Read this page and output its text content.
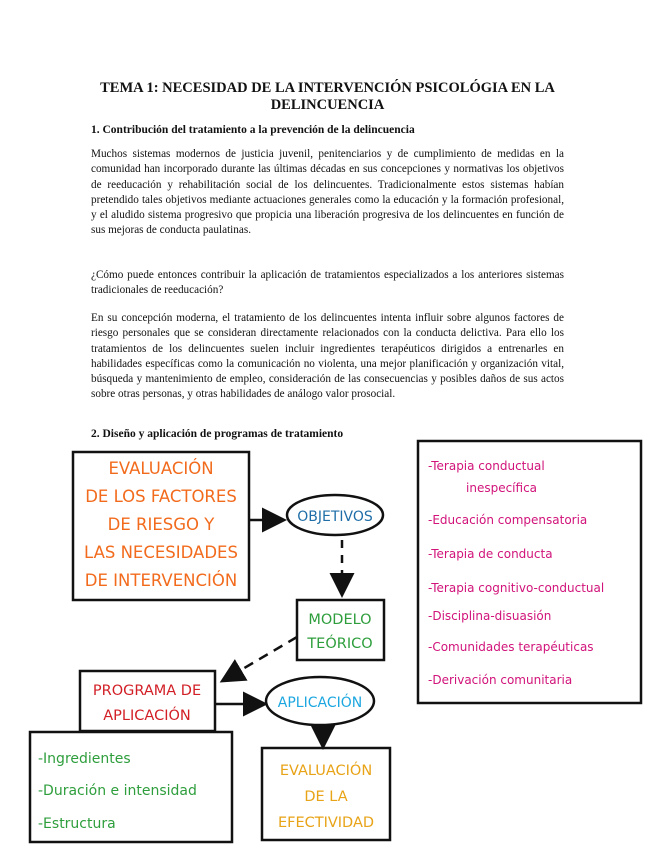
TEMA 1: NECESIDAD DE LA INTERVENCIÓN PSICOLÓGIA EN LA DELINCUENCIA
1. Contribución del tratamiento a la prevención de la delincuencia

Muchos sistemas modernos de justicia juvenil, penitenciarios y de cumplimiento de medidas en la comunidad han incorporado durante las últimas décadas en sus concepciones y normativas los objetivos de reeducación y rehabilitación social de los delincuentes. Tradicionalmente estos sistemas habían pretendido tales objetivos mediante actuaciones generales como la educación y la formación profesional, y el aludido sistema progresivo que propicia una liberación progresiva de los delincuentes en función de sus mejoras de conducta paulatinas.

¿Cómo puede entonces contribuir la aplicación de tratamientos especializados a los anteriores sistemas tradicionales de reeducación?

En su concepción moderna, el tratamiento de los delincuentes intenta influir sobre algunos factores de riesgo personales que se consideran directamente relacionados con la conducta delictiva. Para ello los tratamientos de los delincuentes suelen incluir ingredientes terapéuticos dirigidos a entrenarles en habilidades específicas como la comunicación no violenta, una mejor planificación y organización vital, búsqueda y mantenimiento de empleo, consideración de las consecuencias y posibles daños de sus actos sobre otras personas, y otras habilidades de análogo valor prosocial.

2. Diseño y aplicación de programas de tratamiento
EVALUACIÓN
DE LOS FACTORES
DE RIESGO Y
LAS NECESIDADES
DE INTERVENCIÓN
OBJETIVOS
MODELO
TEÓRICO
PROGRAMA DE
APLICACIÓN
APLICACIÓN
EVALUACIÓN
DE LA
EFECTIVIDAD
-Ingredientes
-Duración e intensidad
-Estructura
-Terapia conductual
inespecífica
-Educación compensatoria
-Terapia de conducta
-Terapia cognitivo-conductual
-Disciplina-disuasión
-Comunidades terapéuticas
-Derivación comunitaria
